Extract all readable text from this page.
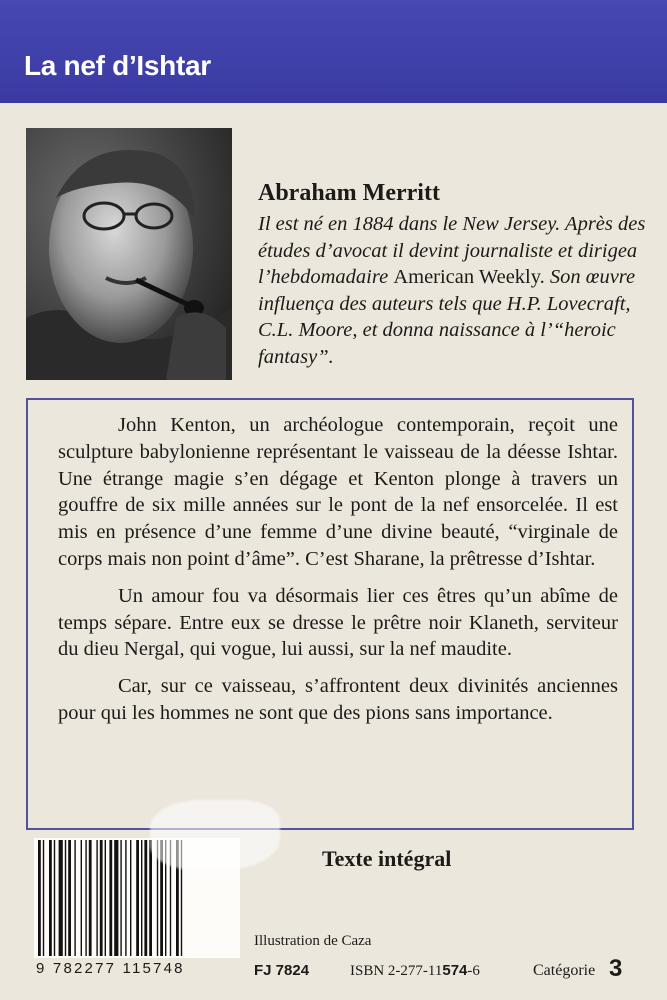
La nef d’Ishtar
Abraham Merritt

Il est né en 1884 dans le New Jersey. Après des études d’avocat il devint journaliste et dirigea l’hebdomadaire American Weekly. Son œuvre influença des auteurs tels que H.P. Lovecraft, C.L. Moore, et donna naissance à l’“heroic fantasy”.

John Kenton, un archéologue contemporain, reçoit une sculpture babylonienne représentant le vaisseau de la déesse Ishtar. Une étrange magie s’en dégage et Kenton plonge à travers un gouffre de six mille années sur le pont de la nef ensorcelée. Il est mis en présence d’une femme d’une divine beauté, “virginale de corps mais non point d’âme”. C’est Sharane, la prêtresse d’Ishtar.

Un amour fou va désormais lier ces êtres qu’un abîme de temps sépare. Entre eux se dresse le prêtre noir Klaneth, serviteur du dieu Nergal, qui vogue, lui aussi, sur la nef maudite.

Car, sur ce vaisseau, s’affrontent deux divinités anciennes pour qui les hommes ne sont que des pions sans importance.

9 782277 115748
Texte intégral
Illustration de Caza
FJ 7824	ISBN 2-277-11574-6	Catégorie 3
